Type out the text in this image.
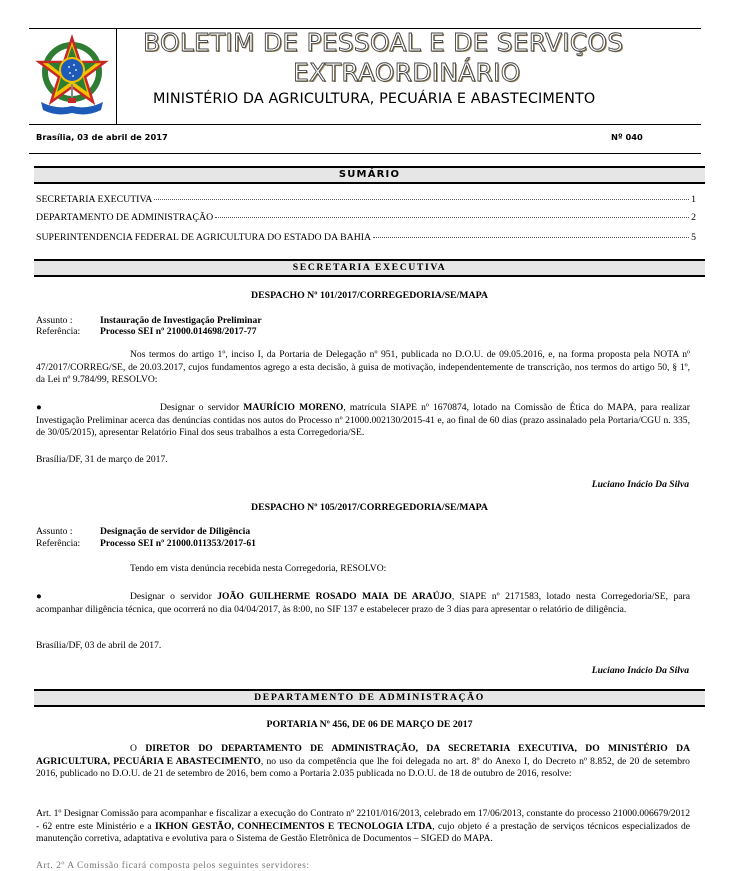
BOLETIM DE PESSOAL E DE SERVIÇOS
EXTRAORDINÁRIO
MINISTÉRIO DA AGRICULTURA, PECUÁRIA E ABASTECIMENTO
Brasília, 03 de abril de 2017	Nº 040
SUMÁRIO
SECRETARIA EXECUTIVA	1
DEPARTAMENTO DE ADMINISTRAÇÃO	2
SUPERINTENDENCIA FEDERAL DE AGRICULTURA DO ESTADO DA BAHIA	5
SECRETARIA EXECUTIVA
DESPACHO Nº 101/2017/CORREGEDORIA/SE/MAPA
Assunto :	Instauração de Investigação Preliminar
Referência: Processo SEI nº 21000.014698/2017-77
Nos termos do artigo 1º, inciso I, da Portaria de Delegação nº 951, publicada no D.O.U. de 09.05.2016, e, na forma proposta pela NOTA nº 47/2017/CORREG/SE, de 20.03.2017, cujos fundamentos agrego a esta decisão, à guisa de motivação, independentemente de transcrição, nos termos do artigo 50, § 1º, da Lei nº 9.784/99, RESOLVO:
●	Designar o servidor MAURÍCIO MORENO, matrícula SIAPE nº 1670874, lotado na Comissão de Ética do MAPA, para realizar Investigação Preliminar acerca das denúncias contidas nos autos do Processo nº 21000.002130/2015-41 e, ao final de 60 dias (prazo assinalado pela Portaria/CGU n. 335, de 30/05/2015), apresentar Relatório Final dos seus trabalhos a esta Corregedoria/SE.
Brasília/DF, 31 de março de 2017.
Luciano Inácio Da Silva
DESPACHO Nº 105/2017/CORREGEDORIA/SE/MAPA
Assunto :	Designação de servidor de Diligência
Referência: Processo SEI nº 21000.011353/2017-61
Tendo em vista denúncia recebida nesta Corregedoria, RESOLVO:
●	Designar o servidor JOÃO GUILHERME ROSADO MAIA DE ARAÚJO, SIAPE nº 2171583, lotado nesta Corregedoria/SE, para acompanhar diligência técnica, que ocorrerá no dia 04/04/2017, às 8:00, no SIF 137 e estabelecer prazo de 3 dias para apresentar o relatório de diligência.
Brasília/DF, 03 de abril de 2017.
Luciano Inácio Da Silva
DEPARTAMENTO DE ADMINISTRAÇÃO
PORTARIA Nº 456, DE 06 DE MARÇO DE 2017
O DIRETOR DO DEPARTAMENTO DE ADMINISTRAÇÃO, DA SECRETARIA EXECUTIVA, DO MINISTÉRIO DA AGRICULTURA, PECUÁRIA E ABASTECIMENTO, no uso da competência que lhe foi delegada no art. 8º do Anexo I, do Decreto nº 8.852, de 20 de setembro 2016, publicado no D.O.U. de 21 de setembro de 2016, bem como a Portaria 2.035 publicada no D.O.U. de 18 de outubro de 2016, resolve:
Art. 1º Designar Comissão para acompanhar e fiscalizar a execução do Contrato nº 22101/016/2013, celebrado em 17/06/2013, constante do processo 21000.006679/2012 - 62 entre este Ministério e a IKHON GESTÃO, CONHECIMENTOS E TECNOLOGIA LTDA, cujo objeto é a prestação de serviços técnicos especializados de manutenção corretiva, adaptativa e evolutiva para o Sistema de Gestão Eletrônica de Documentos – SIGED do MAPA.
Art. 2º A Comissão ficará composta pelos seguintes servidores:
